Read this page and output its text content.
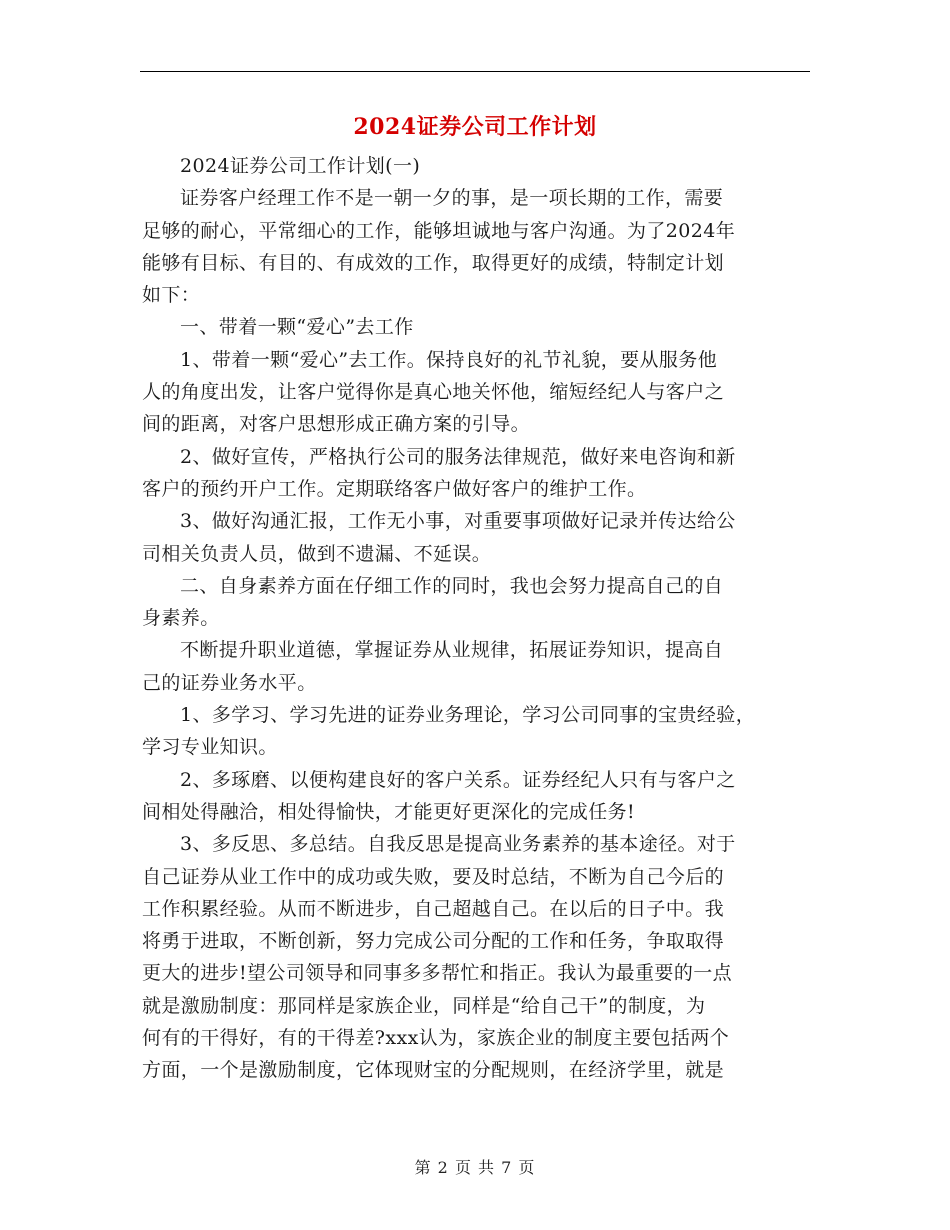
2024证券公司工作计划

2024证券公司工作计划(一)

证券客户经理工作不是一朝一夕的事，是一项长期的工作，需要
足够的耐心，平常细心的工作，能够坦诚地与客户沟通。为了2024年
能够有目标、有目的、有成效的工作，取得更好的成绩，特制定计划
如下：

一、带着一颗“爱心”去工作

1、带着一颗“爱心”去工作。保持良好的礼节礼貌，要从服务他
人的角度出发，让客户觉得你是真心地关怀他，缩短经纪人与客户之
间的距离，对客户思想形成正确方案的引导。

2、做好宣传，严格执行公司的服务法律规范，做好来电咨询和新
客户的预约开户工作。定期联络客户做好客户的维护工作。

3、做好沟通汇报，工作无小事，对重要事项做好记录并传达给公
司相关负责人员，做到不遗漏、不延误。

二、自身素养方面在仔细工作的同时，我也会努力提高自己的自
身素养。

不断提升职业道德，掌握证券从业规律，拓展证券知识，提高自
己的证券业务水平。

1、多学习、学习先进的证券业务理论，学习公司同事的宝贵经验，
学习专业知识。

2、多琢磨、以便构建良好的客户关系。证券经纪人只有与客户之
间相处得融洽，相处得愉快，才能更好更深化的完成任务!

3、多反思、多总结。自我反思是提高业务素养的基本途径。对于
自己证券从业工作中的成功或失败，要及时总结，不断为自己今后的
工作积累经验。从而不断进步，自己超越自己。在以后的日子中。我
将勇于进取，不断创新，努力完成公司分配的工作和任务，争取取得
更大的进步!望公司领导和同事多多帮忙和指正。我认为最重要的一点
就是激励制度：那同样是家族企业，同样是“给自己干”的制度，为
何有的干得好，有的干得差?xxx认为，家族企业的制度主要包括两个
方面，一个是激励制度，它体现财宝的分配规则，在经济学里，就是

第 2 页 共 7 页
